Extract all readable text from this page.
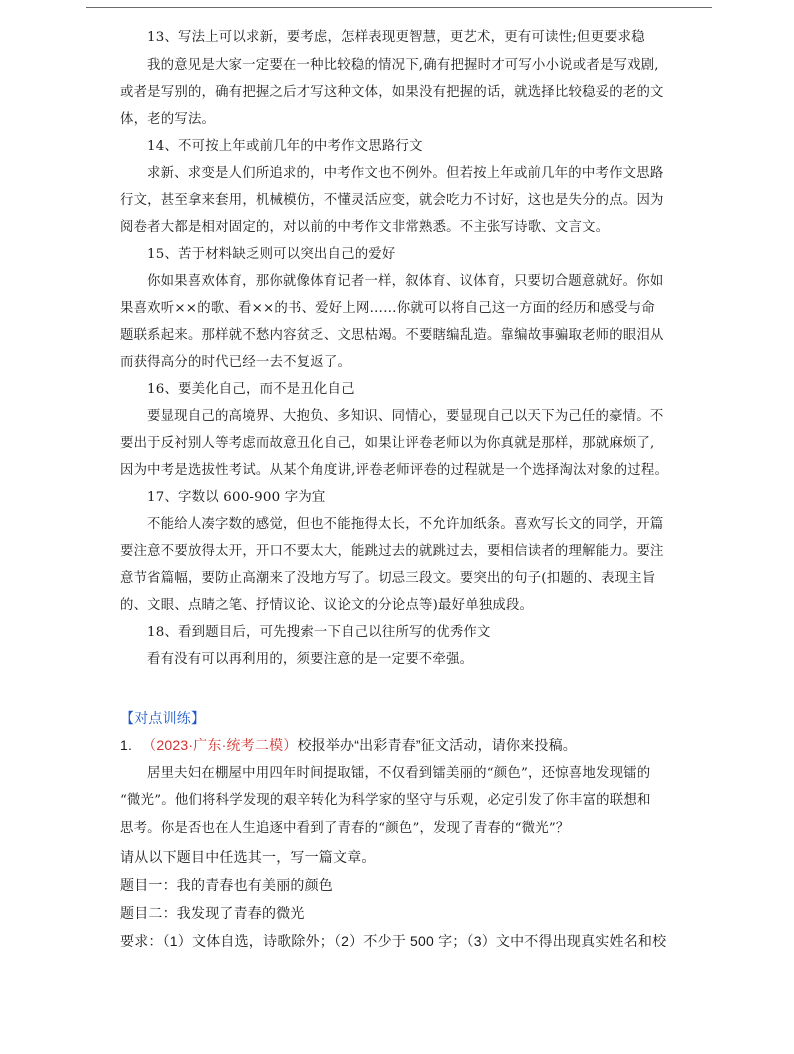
13、写法上可以求新，要考虑，怎样表现更智慧，更艺术，更有可读性;但更要求稳
我的意见是大家一定要在一种比较稳的情况下,确有把握时才可写小小说或者是写戏剧,
或者是写别的，确有把握之后才写这种文体，如果没有把握的话，就选择比较稳妥的老的文
体，老的写法。
14、不可按上年或前几年的中考作文思路行文
求新、求变是人们所追求的，中考作文也不例外。但若按上年或前几年的中考作文思路
行文，甚至拿来套用，机械模仿，不懂灵活应变，就会吃力不讨好，这也是失分的点。因为
阅卷者大都是相对固定的，对以前的中考作文非常熟悉。不主张写诗歌、文言文。
15、苦于材料缺乏则可以突出自己的爱好
你如果喜欢体育，那你就像体育记者一样，叙体育、议体育，只要切合题意就好。你如
果喜欢听××的歌、看××的书、爱好上网……你就可以将自己这一方面的经历和感受与命
题联系起来。那样就不愁内容贫乏、文思枯竭。不要瞎编乱造。靠编故事骗取老师的眼泪从
而获得高分的时代已经一去不复返了。
16、要美化自己，而不是丑化自己
要显现自己的高境界、大抱负、多知识、同情心，要显现自己以天下为己任的豪情。不
要出于反衬别人等考虑而故意丑化自己，如果让评卷老师以为你真就是那样，那就麻烦了,
因为中考是选拔性考试。从某个角度讲,评卷老师评卷的过程就是一个选择淘汰对象的过程。
17、字数以 600-900 字为宜
不能给人凑字数的感觉，但也不能拖得太长，不允许加纸条。喜欢写长文的同学，开篇
要注意不要放得太开，开口不要太大，能跳过去的就跳过去，要相信读者的理解能力。要注
意节省篇幅，要防止高潮来了没地方写了。切忌三段文。要突出的句子(扣题的、表现主旨
的、文眼、点睛之笔、抒情议论、议论文的分论点等)最好单独成段。
18、看到题目后，可先搜索一下自己以往所写的优秀作文
看有没有可以再利用的，须要注意的是一定要不牵强。
【对点训练】
1. （2023·广东·统考二模）校报举办“出彩青春”征文活动，请你来投稿。
居里夫妇在棚屋中用四年时间提取镭，不仅看到镭美丽的“颜色”，还惊喜地发现镭的
“微光”。他们将科学发现的艰辛转化为科学家的坚守与乐观，必定引发了你丰富的联想和
思考。你是否也在人生追逐中看到了青春的“颜色”，发现了青春的“微光”？
请从以下题目中任选其一，写一篇文章。
题目一：我的青春也有美丽的颜色
题目二：我发现了青春的微光
要求：（1）文体自选，诗歌除外；（2）不少于 500 字；（3）文中不得出现真实姓名和校
